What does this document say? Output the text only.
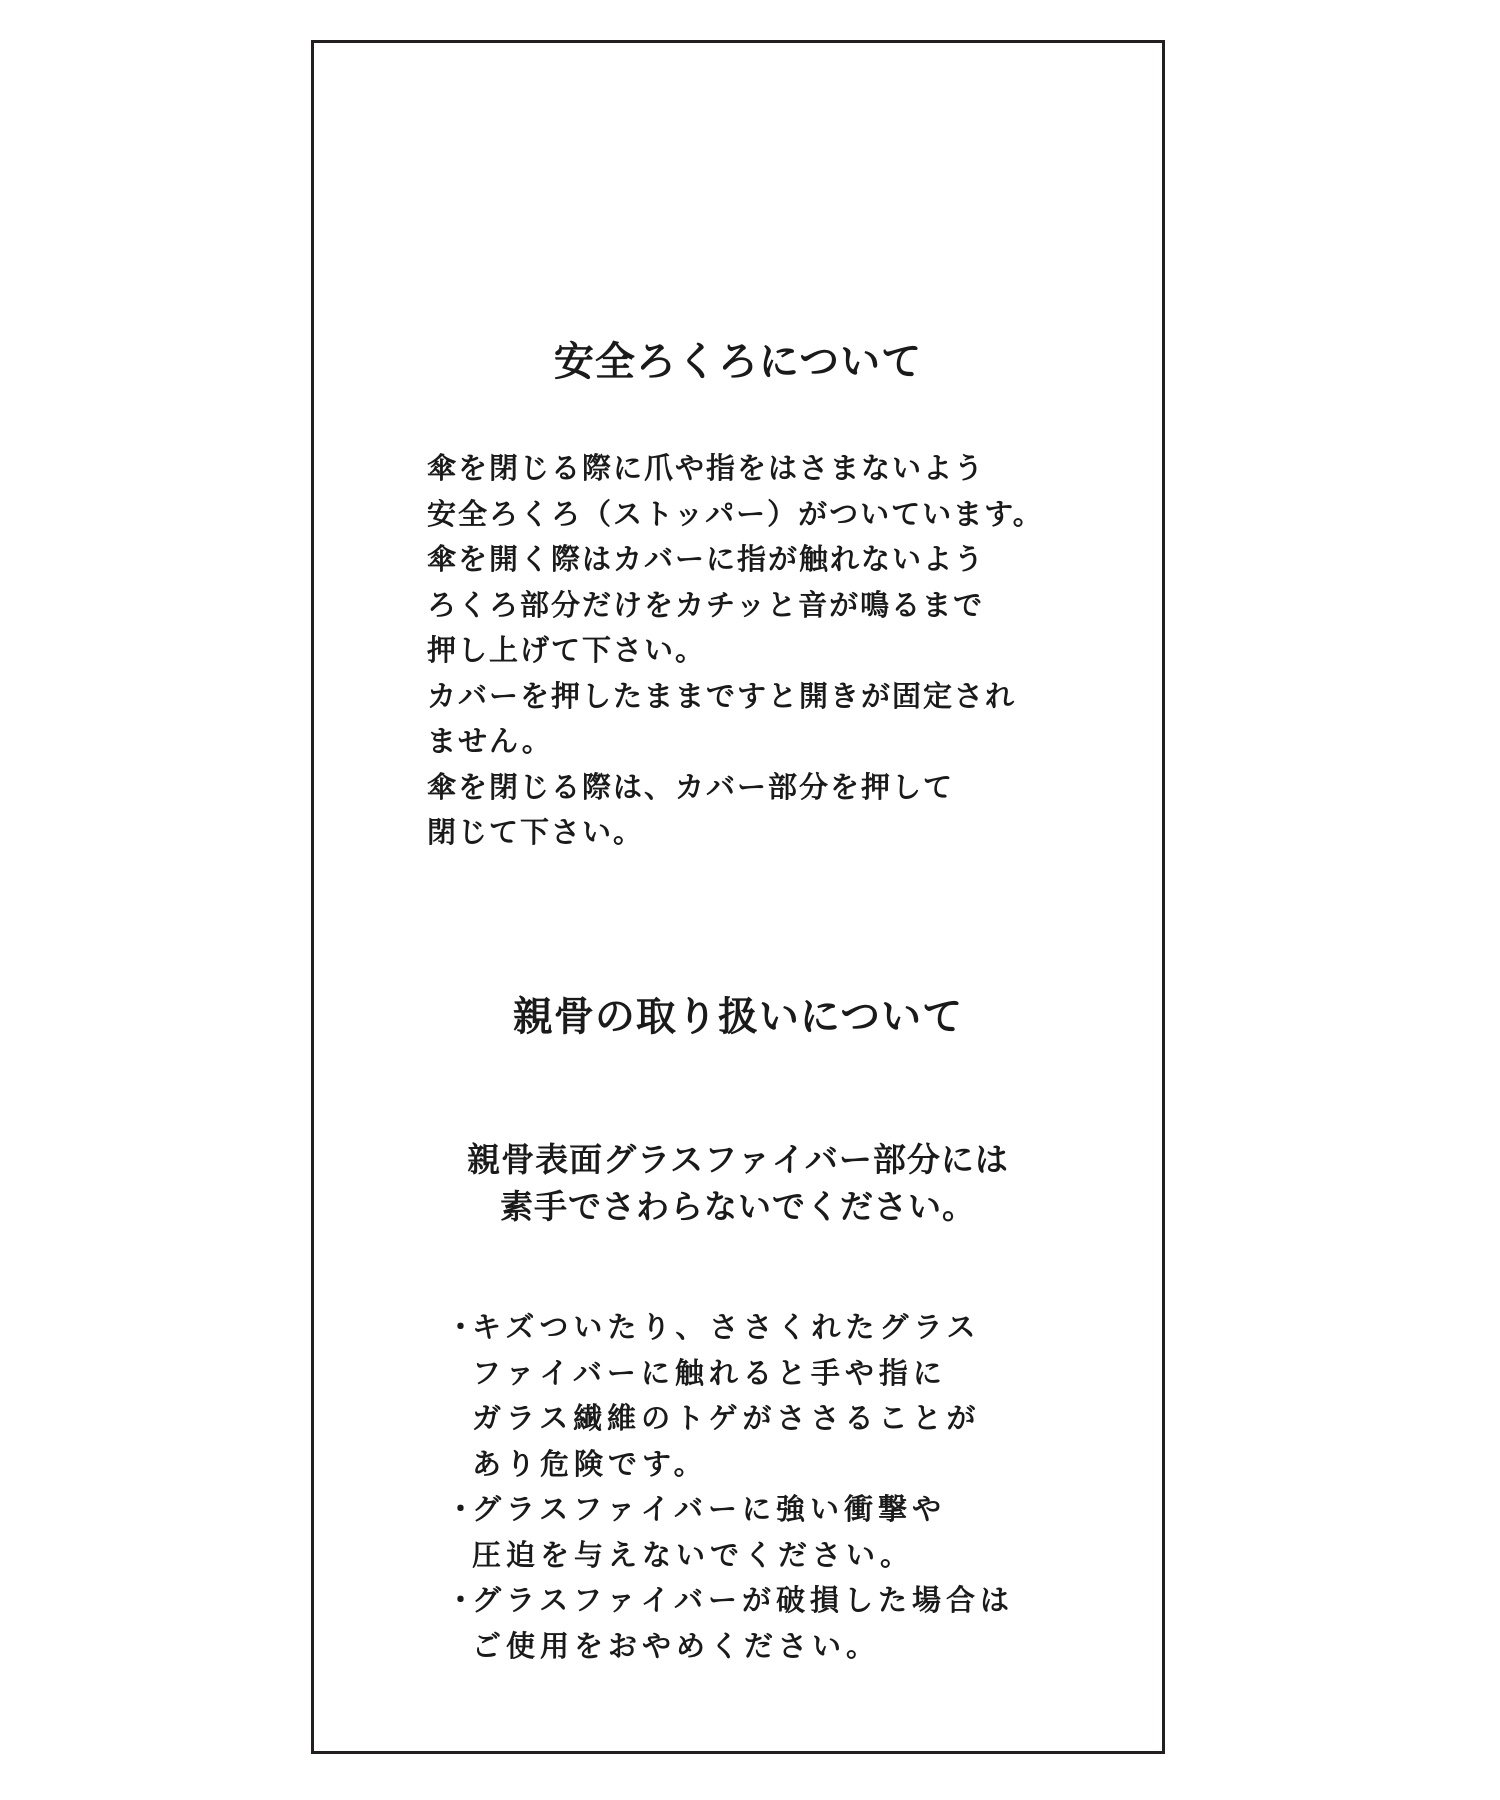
安全ろくろについて

傘を閉じる際に爪や指をはさまないよう

安全ろくろ（ストッパー）がついています。

傘を開く際はカバーに指が触れないよう

ろくろ部分だけをカチッと音が鳴るまで

押し上げて下さい。

カバーを押したままですと開きが固定され

ません。

傘を閉じる際は、カバー部分を押して

閉じて下さい。

親骨の取り扱いについて
親骨表面グラスファイバー部分には
素手でさわらないでください。
・
キズついたり、ささくれたグラス
ファイバーに触れると手や指に
ガラス繊維のトゲがささることが
あり危険です。
・
グラスファイバーに強い衝撃や
圧迫を与えないでください。
・
グラスファイバーが破損した場合は
ご使用をおやめください。
